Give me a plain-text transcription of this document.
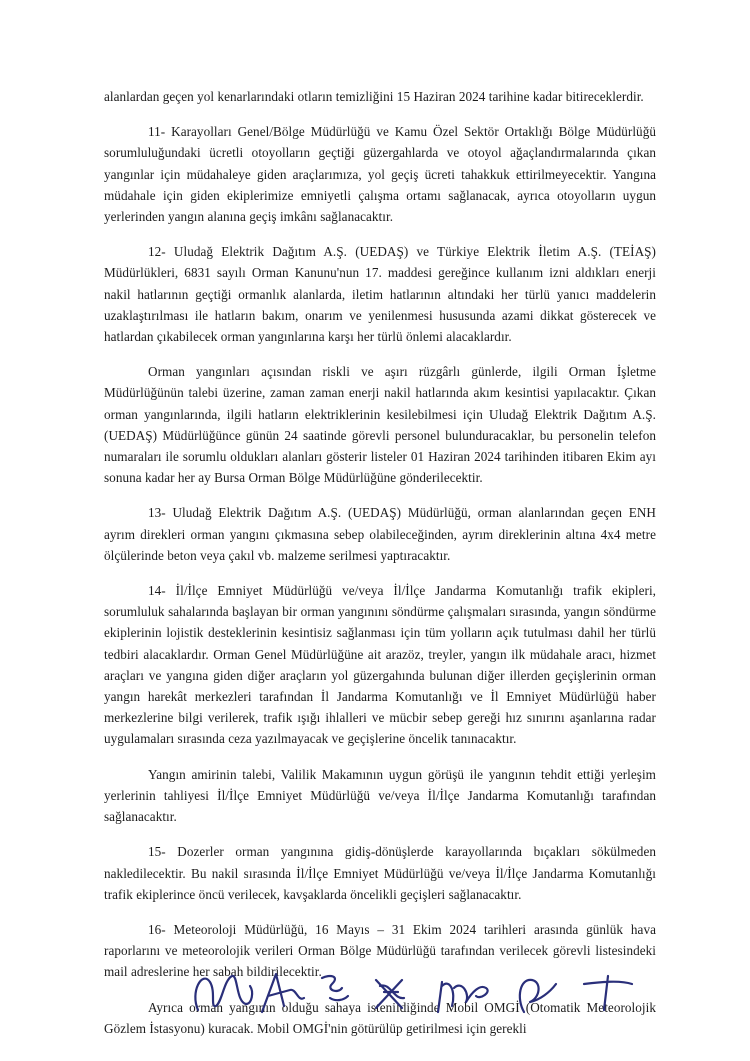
alanlardan geçen yol kenarlarındaki otların temizliğini 15 Haziran 2024 tarihine kadar bitireceklerdir.

11- Karayolları Genel/Bölge Müdürlüğü ve Kamu Özel Sektör Ortaklığı Bölge Müdürlüğü sorumluluğundaki ücretli otoyolların geçtiği güzergahlarda ve otoyol ağaçlandırmalarında çıkan yangınlar için müdahaleye giden araçlarımıza, yol geçiş ücreti tahakkuk ettirilmeyecektir. Yangına müdahale için giden ekiplerimize emniyetli çalışma ortamı sağlanacak, ayrıca otoyolların uygun yerlerinden yangın alanına geçiş imkânı sağlanacaktır.

12- Uludağ Elektrik Dağıtım A.Ş. (UEDAŞ) ve Türkiye Elektrik İletim A.Ş. (TEİAŞ) Müdürlükleri, 6831 sayılı Orman Kanunu'nun 17. maddesi gereğince kullanım izni aldıkları enerji nakil hatlarının geçtiği ormanlık alanlarda, iletim hatlarının altındaki her türlü yanıcı maddelerin uzaklaştırılması ile hatların bakım, onarım ve yenilenmesi hususunda azami dikkat gösterecek ve hatlardan çıkabilecek orman yangınlarına karşı her türlü önlemi alacaklardır.

Orman yangınları açısından riskli ve aşırı rüzgârlı günlerde, ilgili Orman İşletme Müdürlüğünün talebi üzerine, zaman zaman enerji nakil hatlarında akım kesintisi yapılacaktır. Çıkan orman yangınlarında, ilgili hatların elektriklerinin kesilebilmesi için Uludağ Elektrik Dağıtım A.Ş. (UEDAŞ) Müdürlüğünce günün 24 saatinde görevli personel bulunduracaklar, bu personelin telefon numaraları ile sorumlu oldukları alanları gösterir listeler 01 Haziran 2024 tarihinden itibaren Ekim ayı sonuna kadar her ay Bursa Orman Bölge Müdürlüğüne gönderilecektir.

13- Uludağ Elektrik Dağıtım A.Ş. (UEDAŞ) Müdürlüğü, orman alanlarından geçen ENH ayrım direkleri orman yangını çıkmasına sebep olabileceğinden, ayrım direklerinin altına 4x4 metre ölçülerinde beton veya çakıl vb. malzeme serilmesi yaptıracaktır.

14- İl/İlçe Emniyet Müdürlüğü ve/veya İl/İlçe Jandarma Komutanlığı trafik ekipleri, sorumluluk sahalarında başlayan bir orman yangınını söndürme çalışmaları sırasında, yangın söndürme ekiplerinin lojistik desteklerinin kesintisiz sağlanması için tüm yolların açık tutulması dahil her türlü tedbiri alacaklardır. Orman Genel Müdürlüğüne ait arazöz, treyler, yangın ilk müdahale aracı, hizmet araçları ve yangına giden diğer araçların yol güzergahında bulunan diğer illerden geçişlerinin orman yangın harekât merkezleri tarafından İl Jandarma Komutanlığı ve İl Emniyet Müdürlüğü haber merkezlerine bilgi verilerek, trafik ışığı ihlalleri ve mücbir sebep gereği hız sınırını aşanlarına radar uygulamaları sırasında ceza yazılmayacak ve geçişlerine öncelik tanınacaktır.

Yangın amirinin talebi, Valilik Makamının uygun görüşü ile yangının tehdit ettiği yerleşim yerlerinin tahliyesi İl/İlçe Emniyet Müdürlüğü ve/veya İl/İlçe Jandarma Komutanlığı tarafından sağlanacaktır.

15- Dozerler orman yangınına gidiş-dönüşlerde karayollarında bıçakları sökülmeden nakledilecektir. Bu nakil sırasında İl/İlçe Emniyet Müdürlüğü ve/veya İl/İlçe Jandarma Komutanlığı trafik ekiplerince öncü verilecek, kavşaklarda öncelikli geçişleri sağlanacaktır.

16- Meteoroloji Müdürlüğü, 16 Mayıs – 31 Ekim 2024 tarihleri arasında günlük hava raporlarını ve meteorolojik verileri Orman Bölge Müdürlüğü tarafından verilecek görevli listesindeki mail adreslerine her sabah bildirilecektir.

Ayrıca orman yangının olduğu sahaya istenildiğinde Mobil OMGİ (Otomatik Meteorolojik Gözlem İstasyonu) kuracak. Mobil OMGİ'nin götürülüp getirilmesi için gerekli
